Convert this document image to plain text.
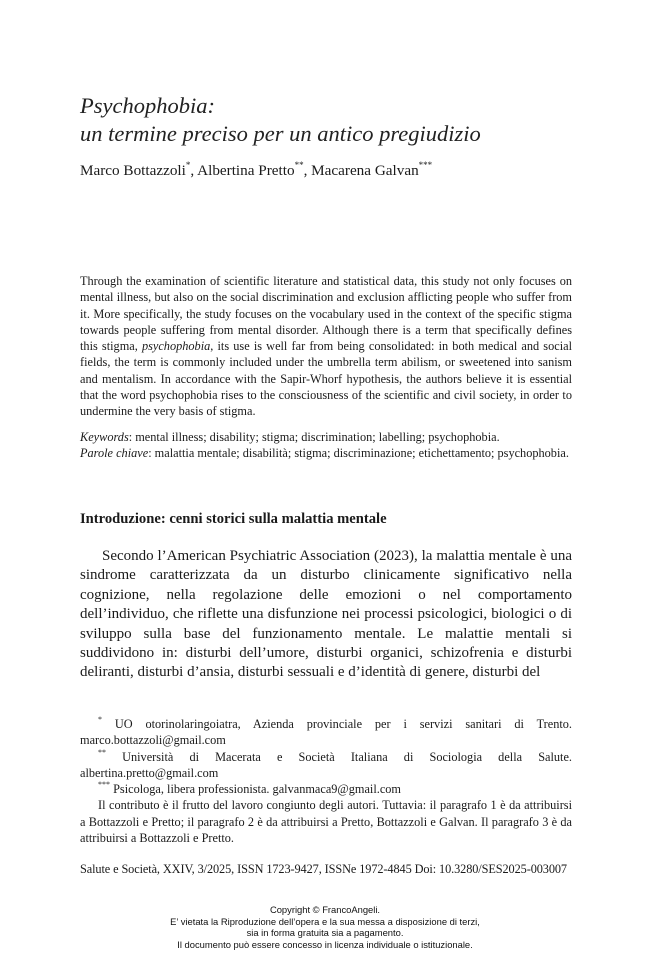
Psychophobia:
un termine preciso per un antico pregiudizio
Marco Bottazzoli*, Albertina Pretto**, Macarena Galvan***
Through the examination of scientific literature and statistical data, this study not only focuses on mental illness, but also on the social discrimination and exclusion afflicting people who suffer from it. More specifically, the study focuses on the vocabulary used in the context of the specific stigma towards people suffering from mental disorder. Although there is a term that specifically defines this stigma, psychophobia, its use is well far from being consolidated: in both medical and social fields, the term is commonly included under the umbrella term abilism, or sweetened into sanism and mentalism. In accordance with the Sapir-Whorf hypothesis, the authors believe it is essential that the word psychophobia rises to the consciousness of the scientific and civil society, in order to undermine the very basis of stigma.
Keywords: mental illness; disability; stigma; discrimination; labelling; psychophobia.
Parole chiave: malattia mentale; disabilità; stigma; discriminazione; etichettamento; psychophobia.
Introduzione: cenni storici sulla malattia mentale

Secondo l’American Psychiatric Association (2023), la malattia mentale è una sindrome caratterizzata da un disturbo clinicamente significativo nella cognizione, nella regolazione delle emozioni o nel comportamento dell’individuo, che riflette una disfunzione nei processi psicologici, biologici o di sviluppo sulla base del funzionamento mentale. Le malattie mentali si suddividono in: disturbi dell’umore, disturbi organici, schizofrenia e disturbi deliranti, disturbi d’ansia, disturbi sessuali e d’identità di genere, disturbi del

* UO otorinolaringoiatra, Azienda provinciale per i servizi sanitari di Trento. marco.bottazzoli@gmail.com

** Università di Macerata e Società Italiana di Sociologia della Salute. albertina.pretto@gmail.com

*** Psicologa, libera professionista. galvanmaca9@gmail.com

Il contributo è il frutto del lavoro congiunto degli autori. Tuttavia: il paragrafo 1 è da attribuirsi a Bottazzoli e Pretto; il paragrafo 2 è da attribuirsi a Pretto, Bottazzoli e Galvan. Il paragrafo 3 è da attribuirsi a Bottazzoli e Pretto.

Salute e Società, XXIV, 3/2025, ISSN 1723-9427, ISSNe 1972-4845 Doi: 10.3280/SES2025-003007
Copyright © FrancoAngeli.
E’ vietata la Riproduzione dell’opera e la sua messa a disposizione di terzi,
sia in forma gratuita sia a pagamento.
Il documento può essere concesso in licenza individuale o istituzionale.
